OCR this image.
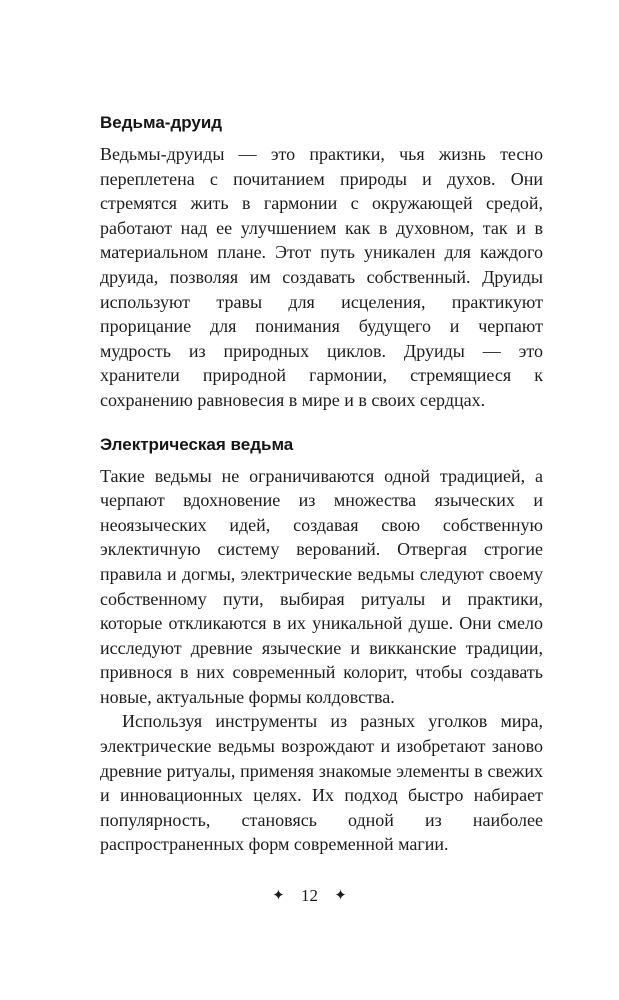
Ведьма-друид

Ведьмы-друиды — это практики, чья жизнь тесно переплетена с почитанием природы и духов. Они стремятся жить в гармонии с окружающей средой, работают над ее улучшением как в духовном, так и в материальном плане. Этот путь уникален для каждого друида, позволяя им создавать собственный. Друиды используют травы для исцеления, практикуют прорицание для понимания будущего и черпают мудрость из природных циклов. Друиды — это хранители природной гармонии, стремящиеся к сохранению равновесия в мире и в своих сердцах.

Электрическая ведьма

Такие ведьмы не ограничиваются одной традицией, а черпают вдохновение из множества языческих и неоязыческих идей, создавая свою собственную эклектичную систему верований. Отвергая строгие правила и догмы, электрические ведьмы следуют своему собственному пути, выбирая ритуалы и практики, которые откликаются в их уникальной душе. Они смело исследуют древние языческие и викканские традиции, привнося в них современный колорит, чтобы создавать новые, актуальные формы колдовства.

Используя инструменты из разных уголков мира, электрические ведьмы возрождают и изобретают заново древние ритуалы, применяя знакомые элементы в свежих и инновационных целях. Их подход быстро набирает популярность, становясь одной из наиболее распространенных форм современной магии.

✦ 12 ✦
